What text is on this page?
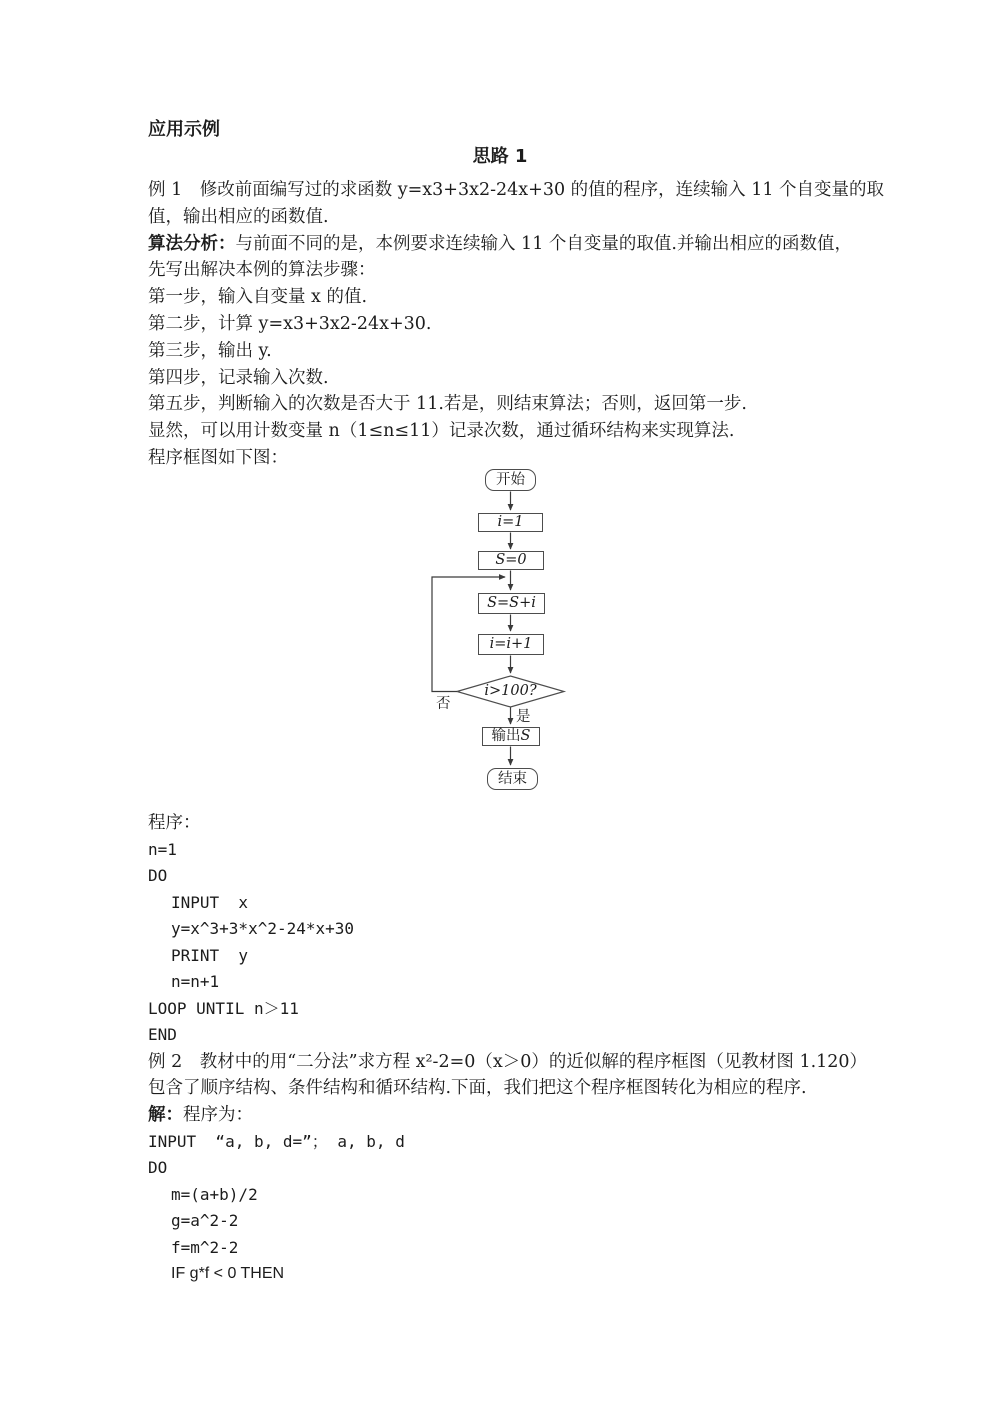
应用示例
思路 1
例 1　修改前面编写过的求函数 y=x3+3x2-24x+30 的值的程序，连续输入 11 个自变量的取
值，输出相应的函数值.
算法分析：与前面不同的是，本例要求连续输入 11 个自变量的取值.并输出相应的函数值，
先写出解决本例的算法步骤：
第一步，输入自变量 x 的值.
第二步，计算 y=x3+3x2-24x+30.
第三步，输出 y.
第四步，记录输入次数.
第五步，判断输入的次数是否大于 11.若是，则结束算法；否则，返回第一步.
显然，可以用计数变量 n（1≤n≤11）记录次数，通过循环结构来实现算法.
程序框图如下图：
开始
i=1
S=0
S=S+i
i=i+1
i>100?
否
是
输出 S
结束
程序：
n=1
DO
INPUT  x
y=x^3+3*x^2-24*x+30
PRINT  y
n=n+1
LOOP UNTIL n＞11
END
例 2　教材中的用“二分法”求方程 x²-2=0（x＞0）的近似解的程序框图（见教材图 1.120）
包含了顺序结构、条件结构和循环结构.下面，我们把这个程序框图转化为相应的程序.
解：程序为：
INPUT  “a, b, d=”； a, b, d
DO
m=(a+b)/2
g=a^2-2
f=m^2-2
IF g*f < 0 THEN
